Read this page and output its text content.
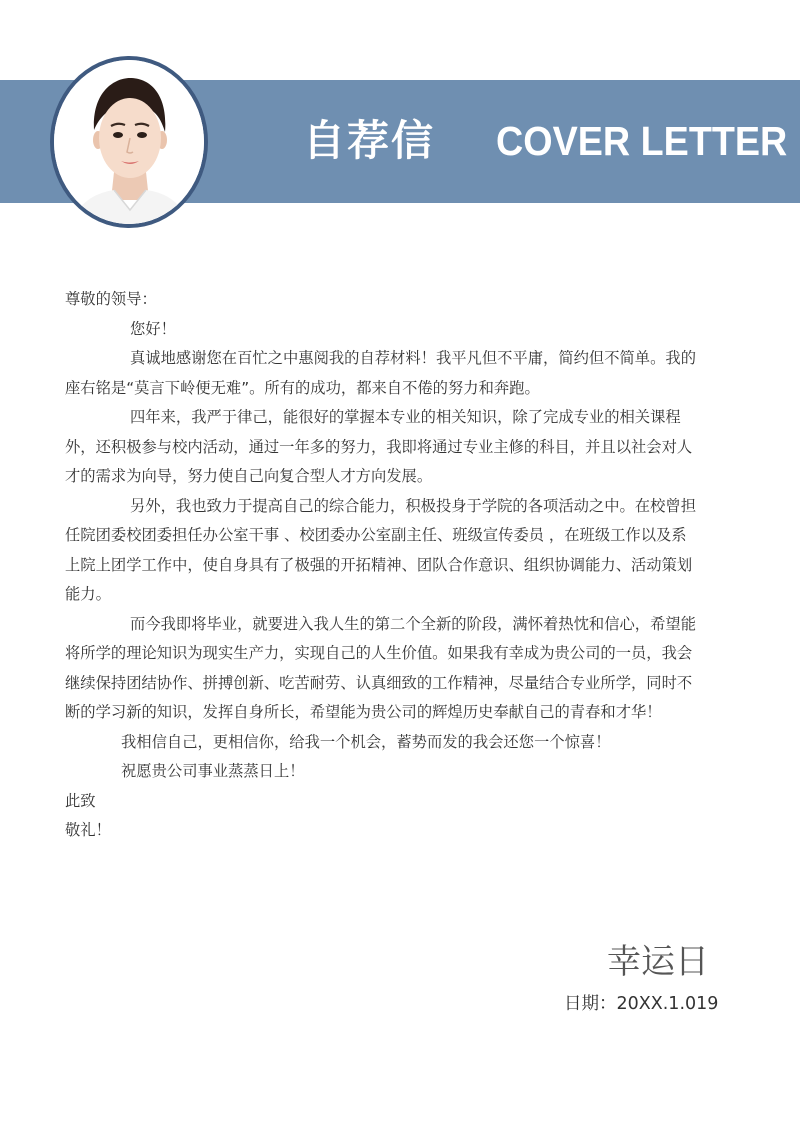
自荐信 COVER LETTER
尊敬的领导：
您好！
真诚地感谢您在百忙之中惠阅我的自荐材料！我平凡但不平庸，简约但不简单。我的
座右铭是“莫言下岭便无难”。所有的成功，都来自不倦的努力和奔跑。
四年来，我严于律己，能很好的掌握本专业的相关知识，除了完成专业的相关课程
外，还积极参与校内活动，通过一年多的努力，我即将通过专业主修的科目，并且以社会对人
才的需求为向导，努力使自己向复合型人才方向发展。
另外，我也致力于提高自己的综合能力，积极投身于学院的各项活动之中。在校曾担
任院团委校团委担任办公室干事 、校团委办公室副主任、班级宣传委员 ，在班级工作以及系
上院上团学工作中，使自身具有了极强的开拓精神、团队合作意识、组织协调能力、活动策划
能力。
而今我即将毕业，就要进入我人生的第二个全新的阶段，满怀着热忱和信心，希望能
将所学的理论知识为现实生产力，实现自己的人生价值。如果我有幸成为贵公司的一员，我会
继续保持团结协作、拼搏创新、吃苦耐劳、认真细致的工作精神，尽量结合专业所学，同时不
断的学习新的知识，发挥自身所长，希望能为贵公司的辉煌历史奉献自己的青春和才华！
我相信自己，更相信你，给我一个机会，蓄势而发的我会还您一个惊喜！
祝愿贵公司事业蒸蒸日上！
此致
敬礼！
幸运日
日期：20XX.1.019
